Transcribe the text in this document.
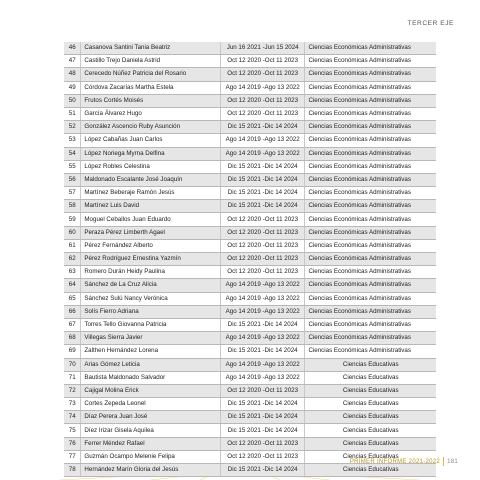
TERCER EJE
46	Casanova Santini Tania Beatriz	Jun 16 2021 -Jun 15 2024	Ciencias Económicas Administrativas
47	Castillo Trejo Daniela Astrid	Oct 12 2020 -Oct 11 2023	Ciencias Económicas Administrativas
48	Cerecedo Núñez Patricia del Rosario	Oct 12 2020 -Oct 11 2023	Ciencias Económicas Administrativas
49	Córdova Zacarías Martha Estela	Ago 14 2019 -Ago 13 2022	Ciencias Económicas Administrativas
50	Frutos Cortés Moisés	Oct 12 2020 -Oct 11 2023	Ciencias Económicas Administrativas
51	García Álvarez Hugo	Oct 12 2020 -Oct 11 2023	Ciencias Económicas Administrativas
52	González Ascencio Ruby Asunción	Dic 15 2021 -Dic 14 2024	Ciencias Económicas Administrativas
53	López Cabañas Juan Carlos	Ago 14 2019 -Ago 13 2022	Ciencias Económicas Administrativas
54	López Noriega Myrna Delfina	Ago 14 2019 -Ago 13 2022	Ciencias Económicas Administrativas
55	López Robles Celestina	Dic 15 2021 -Dic 14 2024	Ciencias Económicas Administrativas
56	Maldonado Escalante José Joaquín	Dic 15 2021 -Dic 14 2024	Ciencias Económicas Administrativas
57	Martínez Beberaje Ramón Jesús	Dic 15 2021 -Dic 14 2024	Ciencias Económicas Administrativas
58	Martínez Luis David	Dic 15 2021 -Dic 14 2024	Ciencias Económicas Administrativas
59	Moguel Ceballos Juan Eduardo	Oct 12 2020 -Oct 11 2023	Ciencias Económicas Administrativas
60	Peraza Pérez Limberth Agael	Oct 12 2020 -Oct 11 2023	Ciencias Económicas Administrativas
61	Pérez Fernández Alberto	Oct 12 2020 -Oct 11 2023	Ciencias Económicas Administrativas
62	Pérez Rodríguez Ernestina Yazmín	Oct 12 2020 -Oct 11 2023	Ciencias Económicas Administrativas
63	Romero Durán Heidy Paulina	Oct 12 2020 -Oct 11 2023	Ciencias Económicas Administrativas
64	Sánchez de La Cruz Alicia	Ago 14 2019 -Ago 13 2022	Ciencias Económicas Administrativas
65	Sánchez Sulú Nancy Verónica	Ago 14 2019 -Ago 13 2022	Ciencias Económicas Administrativas
66	Solís Fierro Adriana	Ago 14 2019 -Ago 13 2022	Ciencias Económicas Administrativas
67	Torres Tello Giovanna Patricia	Dic 15 2021 -Dic 14 2024	Ciencias Económicas Administrativas
68	Villegas Sierra Javier	Ago 14 2019 -Ago 13 2022	Ciencias Económicas Administrativas
69	Zalthen Hernández Lorena	Dic 15 2021 -Dic 14 2024	Ciencias Económicas Administrativas
70	Arias Gómez Leticia	Ago 14 2019 -Ago 13 2022	Ciencias Educativas
71	Bautista Maldonado Salvador	Ago 14 2019 -Ago 13 2022	Ciencias Educativas
72	Cajigal Molina Erick	Oct 12 2020 -Oct 11 2023	Ciencias Educativas
73	Cortes Zepeda Leonel	Dic 15 2021 -Dic 14 2024	Ciencias Educativas
74	Díaz Perera Juan José	Dic 15 2021 -Dic 14 2024	Ciencias Educativas
75	Díez Irizar Gisela Aquilea	Dic 15 2021 -Dic 14 2024	Ciencias Educativas
76	Ferrer Méndez Rafael	Oct 12 2020 -Oct 11 2023	Ciencias Educativas
77	Guzmán Ocampo Melenie Felipa	Oct 12 2020 -Oct 11 2023	Ciencias Educativas
78	Hernández Marín Gloria del Jesús	Dic 15 2021 -Dic 14 2024	Ciencias Educativas
PRIMER INFORME 2021-2022 181
